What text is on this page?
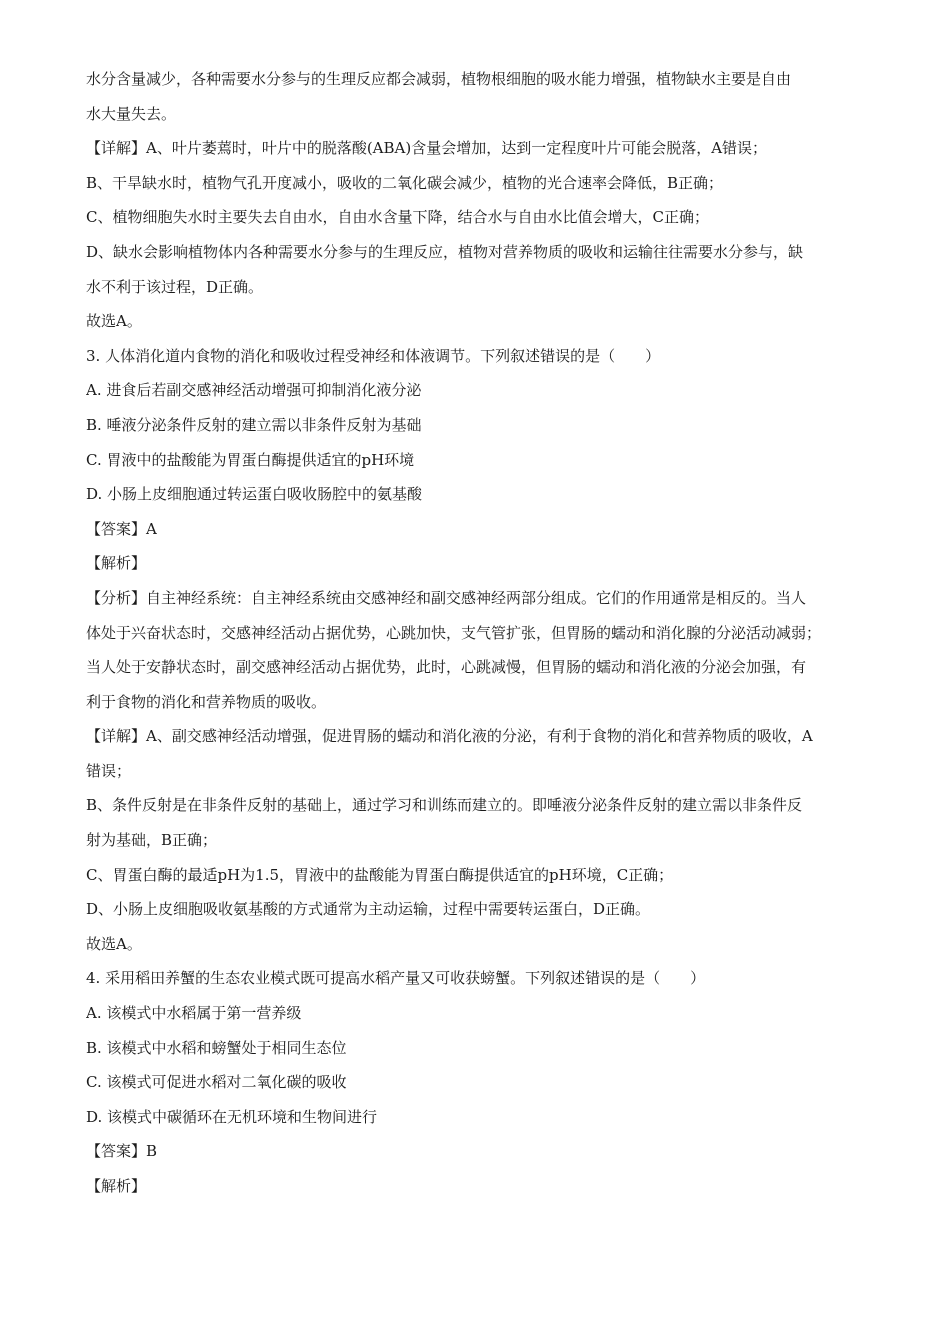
水分含量减少，各种需要水分参与的生理反应都会减弱，植物根细胞的吸水能力增强，植物缺水主要是自由
水大量失去。
【详解】A、叶片萎蔫时，叶片中的脱落酸(ABA)含量会增加，达到一定程度叶片可能会脱落，A错误；
B、干旱缺水时，植物气孔开度减小，吸收的二氧化碳会减少，植物的光合速率会降低，B正确；
C、植物细胞失水时主要失去自由水，自由水含量下降，结合水与自由水比值会增大，C正确；
D、缺水会影响植物体内各种需要水分参与的生理反应，植物对营养物质的吸收和运输往往需要水分参与，缺
水不利于该过程，D正确。
故选A。
3. 人体消化道内食物的消化和吸收过程受神经和体液调节。下列叙述错误的是（　　）
A. 进食后若副交感神经活动增强可抑制消化液分泌
B. 唾液分泌条件反射的建立需以非条件反射为基础
C. 胃液中的盐酸能为胃蛋白酶提供适宜的pH环境
D. 小肠上皮细胞通过转运蛋白吸收肠腔中的氨基酸
【答案】A
【解析】
【分析】自主神经系统：自主神经系统由交感神经和副交感神经两部分组成。它们的作用通常是相反的。当人
体处于兴奋状态时，交感神经活动占据优势，心跳加快，支气管扩张，但胃肠的蠕动和消化腺的分泌活动减弱；
当人处于安静状态时，副交感神经活动占据优势，此时，心跳减慢，但胃肠的蠕动和消化液的分泌会加强，有
利于食物的消化和营养物质的吸收。
【详解】A、副交感神经活动增强，促进胃肠的蠕动和消化液的分泌，有利于食物的消化和营养物质的吸收，A
错误；
B、条件反射是在非条件反射的基础上，通过学习和训练而建立的。即唾液分泌条件反射的建立需以非条件反
射为基础，B正确；
C、胃蛋白酶的最适pH为1.5，胃液中的盐酸能为胃蛋白酶提供适宜的pH环境，C正确；
D、小肠上皮细胞吸收氨基酸的方式通常为主动运输，过程中需要转运蛋白，D正确。
故选A。
4. 采用稻田养蟹的生态农业模式既可提高水稻产量又可收获螃蟹。下列叙述错误的是（　　）
A. 该模式中水稻属于第一营养级
B. 该模式中水稻和螃蟹处于相同生态位
C. 该模式可促进水稻对二氧化碳的吸收
D. 该模式中碳循环在无机环境和生物间进行
【答案】B
【解析】
